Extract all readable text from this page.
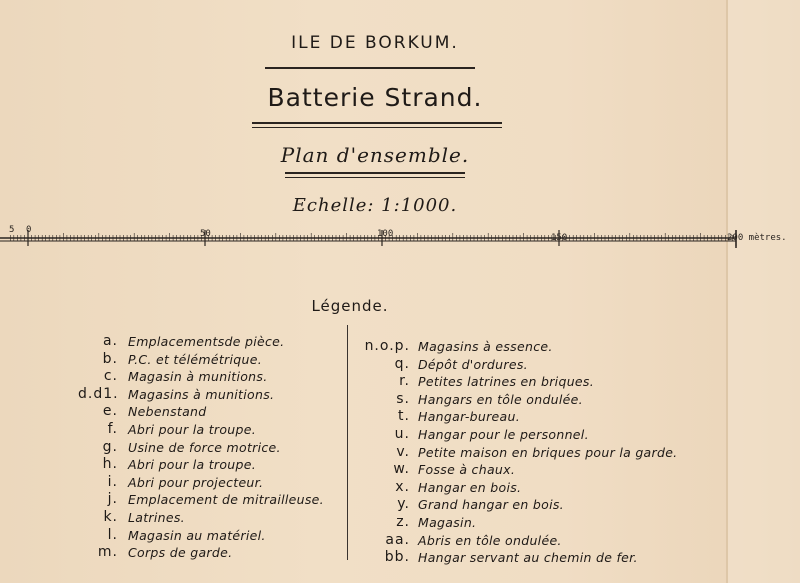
ILE DE BORKUM.
Batterie Strand.
Plan d'ensemble.
Echelle: 1:1000.
5 0	50	100	150	200 mètres.
Légende.
a. Emplacementsde pièce.
b. P.C. et télémétrique.
c. Magasin à munitions.
d.d1. Magasins à munitions.
e. Nebenstand
f. Abri pour la troupe.
g. Usine de force motrice.
h. Abri pour la troupe.
i. Abri pour projecteur.
j. Emplacement de mitrailleuse.
k. Latrines.
l. Magasin au matériel.
m. Corps de garde.
n.o.p. Magasins à essence.
q. Dépôt d'ordures.
r. Petites latrines en briques.
s. Hangars en tôle ondulée.
t. Hangar-bureau.
u. Hangar pour le personnel.
v. Petite maison en briques pour la garde.
w. Fosse à chaux.
x. Hangar en bois.
y. Grand hangar en bois.
z. Magasin.
aa. Abris en tôle ondulée.
bb. Hangar servant au chemin de fer.
